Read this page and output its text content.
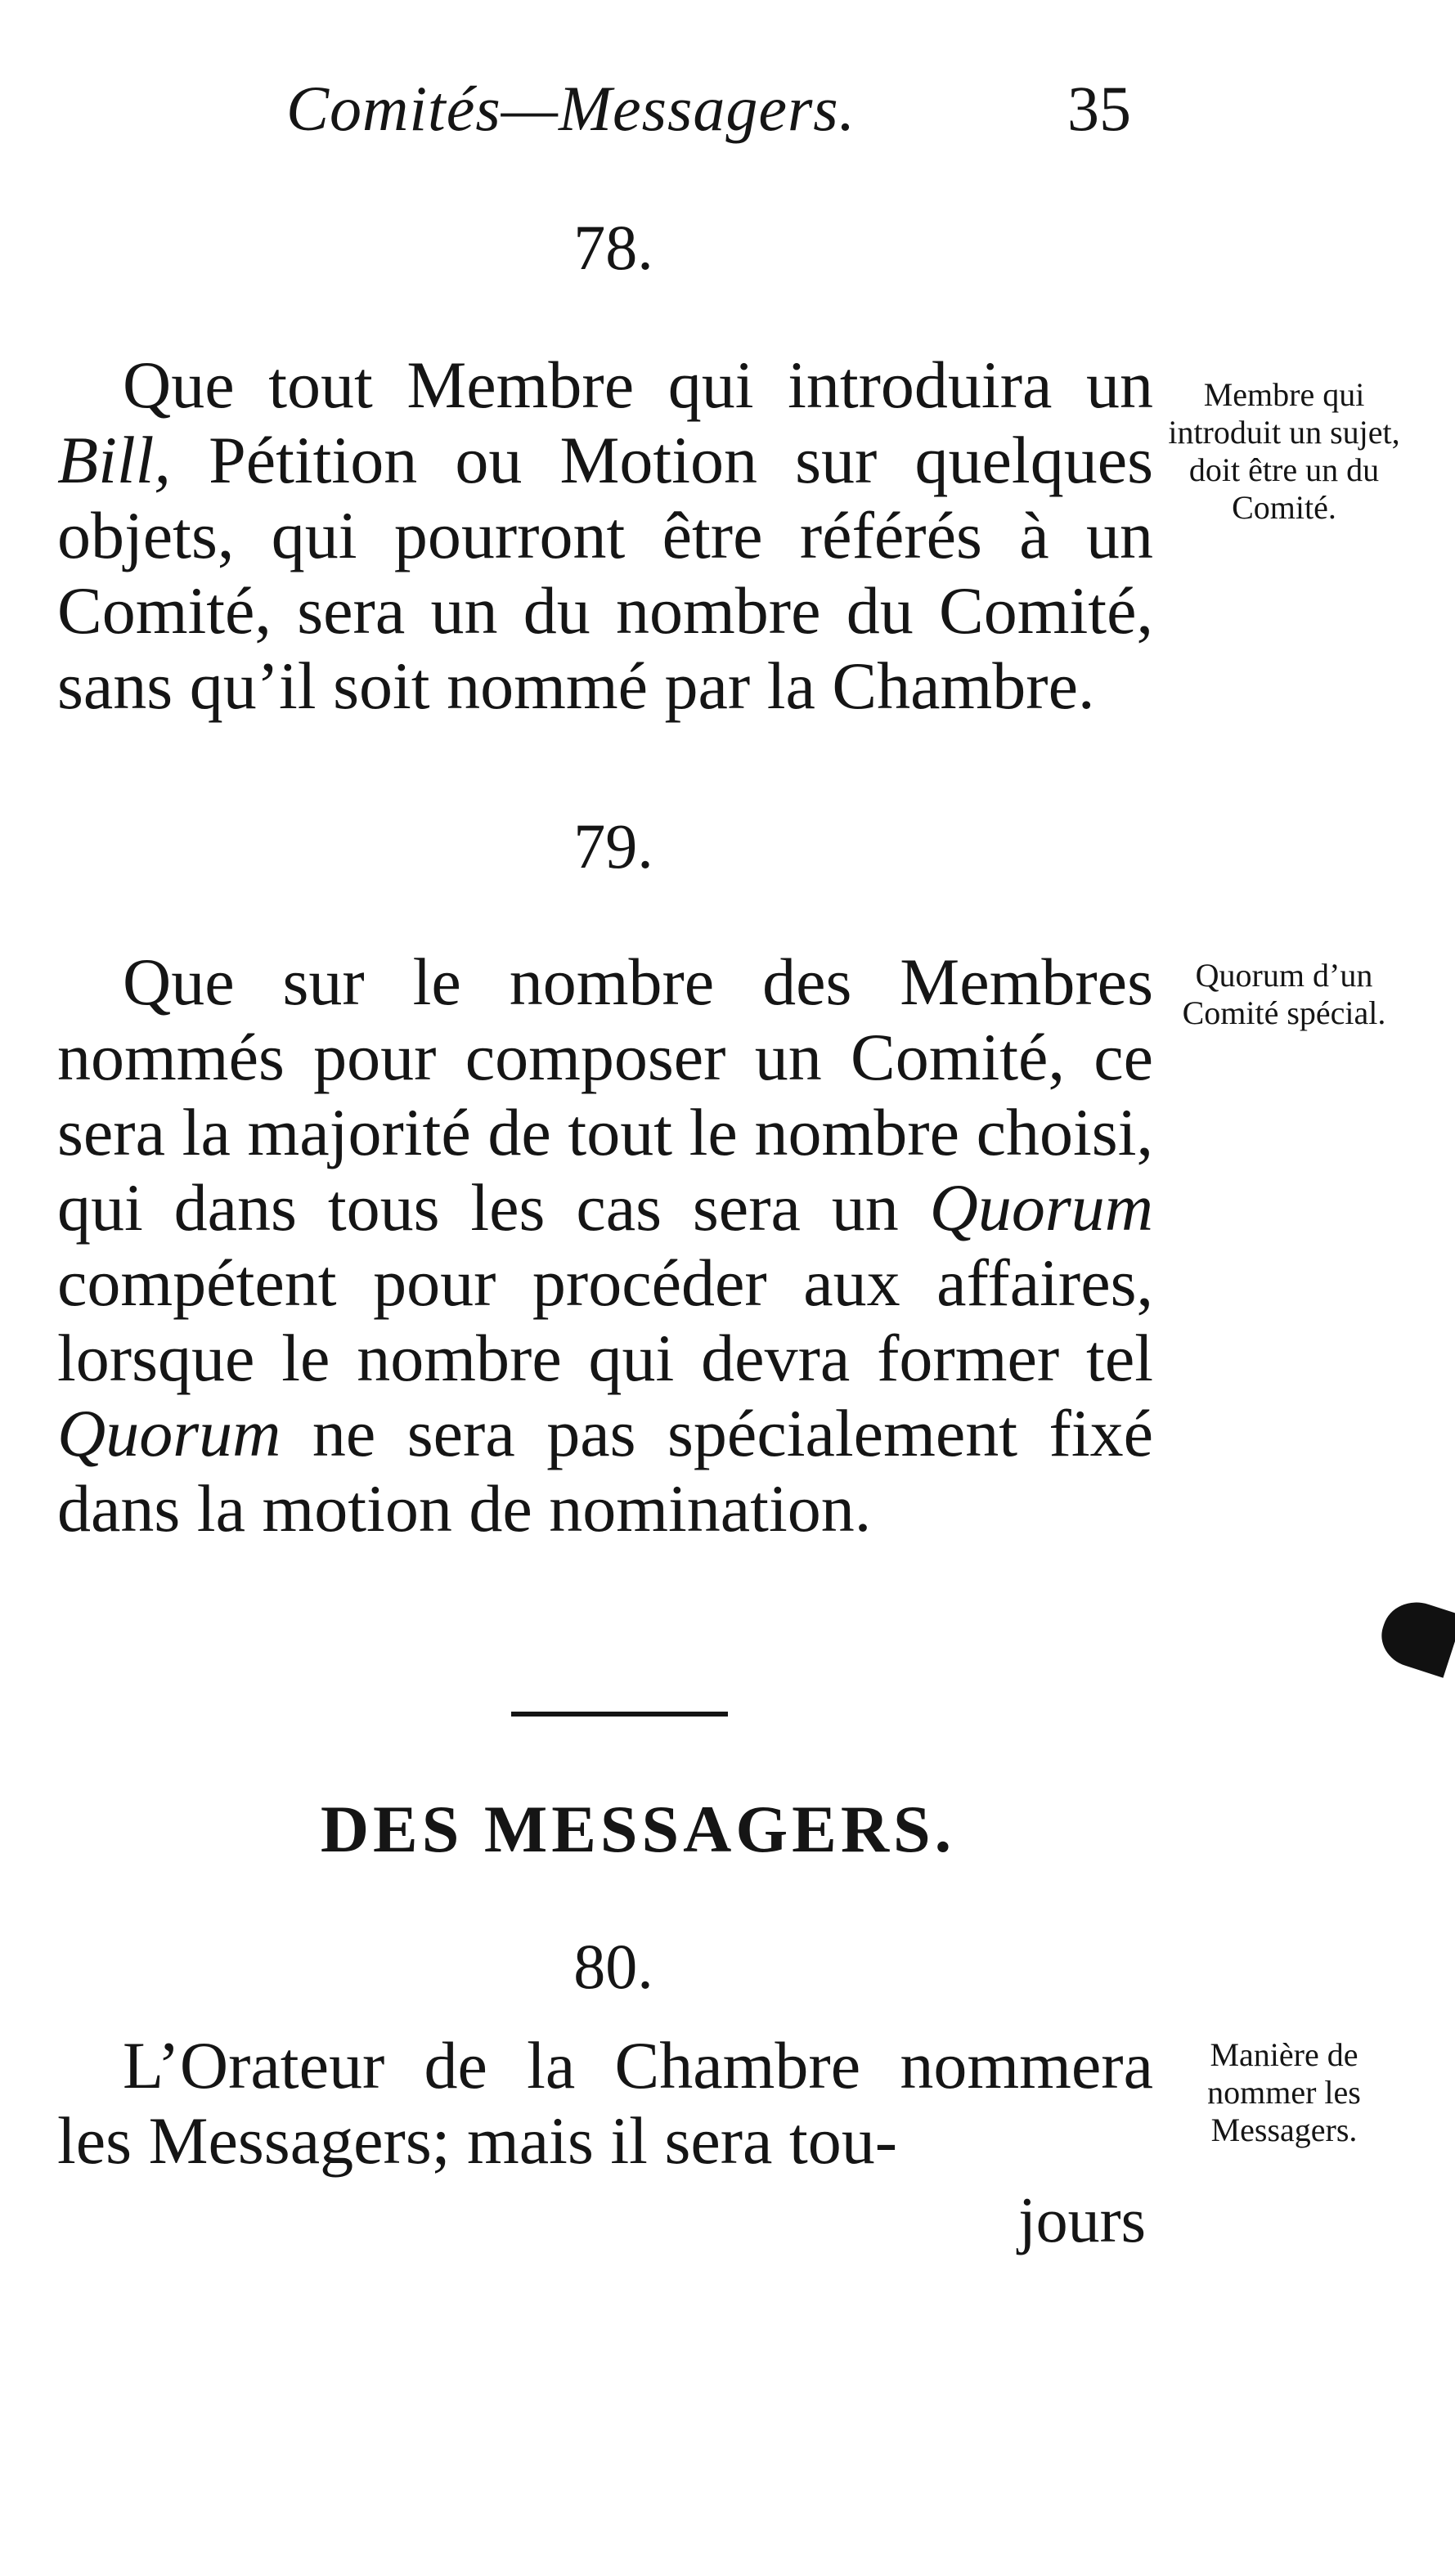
Comités—Messagers.	35
78.

Que tout Membre qui introduira un Bill, Pétition ou Motion sur quelques objets, qui pourront être référés à un Comité, sera un du nombre du Comité, sans qu’il soit nommé par la Chambre.

Membre qui introduit un sujet, doit être un du Comité.
79.

Que sur le nombre des Membres nommés pour composer un Comité, ce sera la majorité de tout le nombre choisi, qui dans tous les cas sera un Quorum compétent pour procéder aux affaires, lorsque le nombre qui devra former tel Quorum ne sera pas spécialement fixé dans la motion de nomination.

Quorum d’un Comité spécial.
DES MESSAGERS.
80.

L’Orateur de la Chambre nommera les Messagers; mais il sera tou-

Manière de nommer les Messagers.
jours
